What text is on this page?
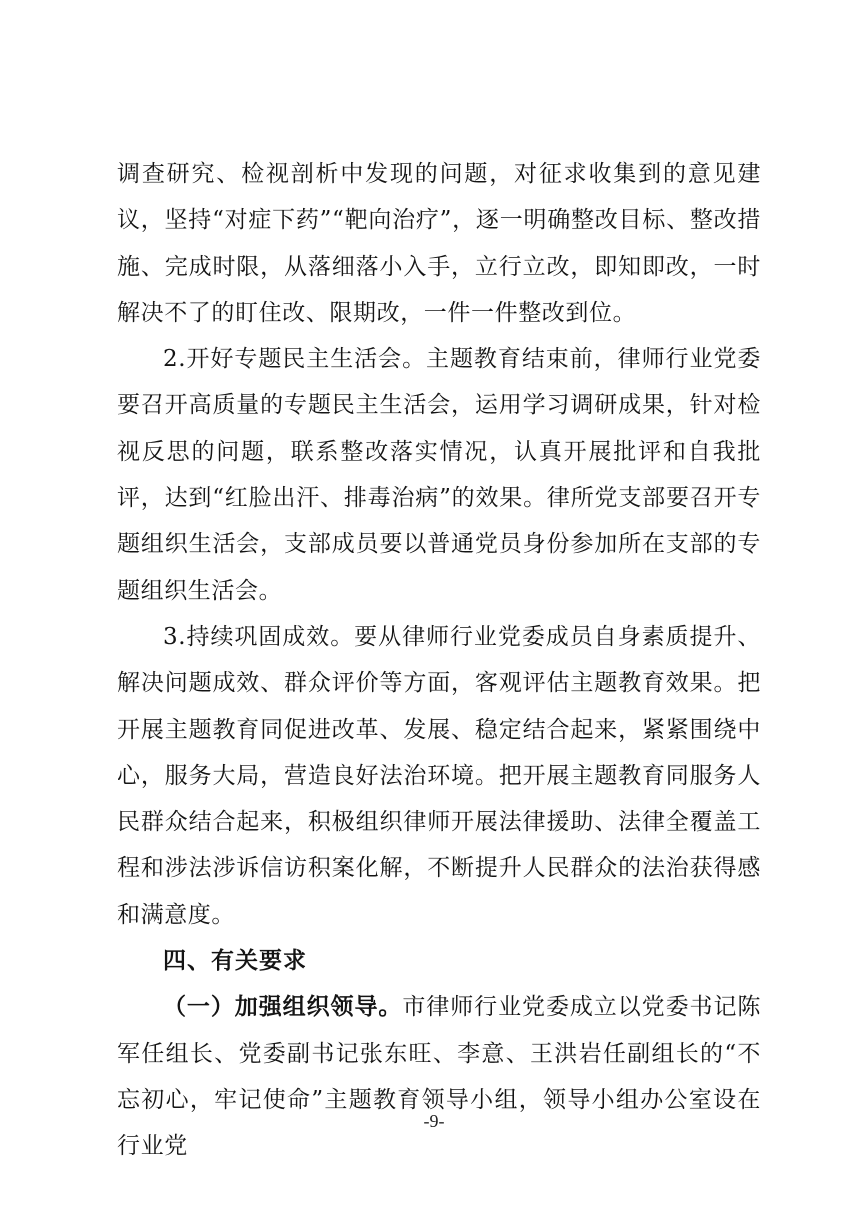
调查研究、检视剖析中发现的问题，对征求收集到的意见建议，坚持“对症下药”“靶向治疗”，逐一明确整改目标、整改措施、完成时限，从落细落小入手，立行立改，即知即改，一时解决不了的盯住改、限期改，一件一件整改到位。

2.开好专题民主生活会。主题教育结束前，律师行业党委要召开高质量的专题民主生活会，运用学习调研成果，针对检视反思的问题，联系整改落实情况，认真开展批评和自我批评，达到“红脸出汗、排毒治病”的效果。律所党支部要召开专题组织生活会，支部成员要以普通党员身份参加所在支部的专题组织生活会。

3.持续巩固成效。要从律师行业党委成员自身素质提升、解决问题成效、群众评价等方面，客观评估主题教育效果。把开展主题教育同促进改革、发展、稳定结合起来，紧紧围绕中心，服务大局，营造良好法治环境。把开展主题教育同服务人民群众结合起来，积极组织律师开展法律援助、法律全覆盖工程和涉法涉诉信访积案化解，不断提升人民群众的法治获得感和满意度。

四、有关要求

（一）加强组织领导。市律师行业党委成立以党委书记陈军任组长、党委副书记张东旺、李意、王洪岩任副组长的“不忘初心，牢记使命”主题教育领导小组，领导小组办公室设在行业党

-9-
